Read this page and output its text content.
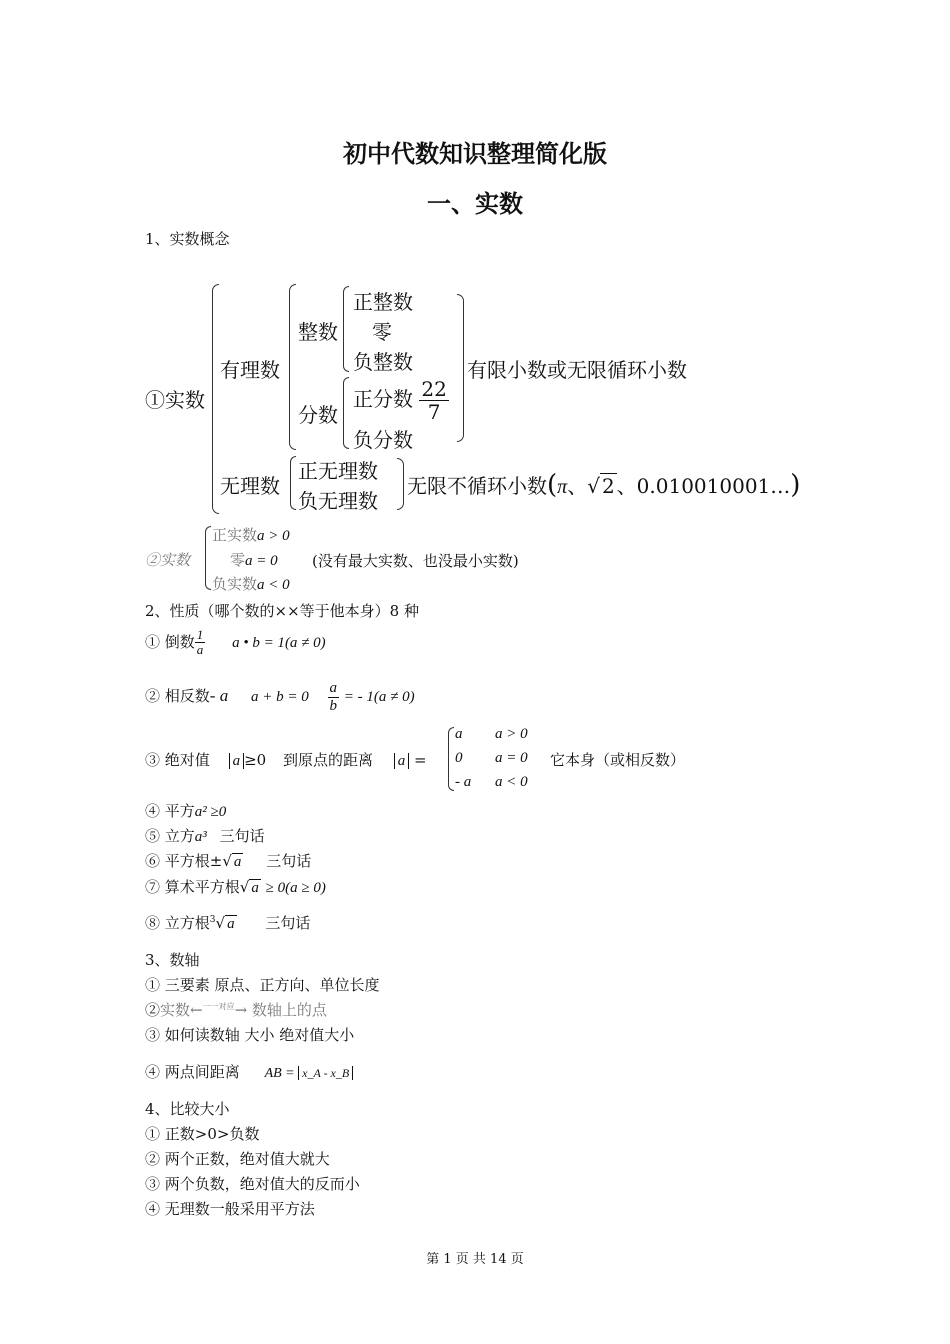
初中代数知识整理简化版
一、实数
1、实数概念
①实数
有理数
整数
正整数
零
负整数
分数
正分数 $\frac{22}{7}$
负分数
有限小数或无限循环小数
无理数
正无理数
负无理数
无限不循环小数(π、√ 2 、0.010010001…)
②实数
正实数a > 0
零a = 0
负实数a < 0
(没有最大实数、也没最小实数)
2、性质（哪个数的××等于他本身）8 种
① 倒数 $\frac{1}{a}$ a • b = 1(a ≠ 0)
② 相反数- a $a + b = 0 \frac{a}{b}$ = - 1(a ≠ 0)
③ 绝对值 a ≥0 到原点的距离 a =
a a > 0
0 a = 0
- a a < 0
它本身（或相反数）
④ 平方a² ≥0
⑤ 立方a³ 三句话
⑥ 平方根±√ a 三句话
⑦ 算术平方根√ a ≥ 0(a ≥ 0)
⑧ 立方根$^3$√ a 三句话
3、数轴
① 三要素 原点、正方向、单位长度
②实数←$^{一一对应}$→ 数轴上的点
③ 如何读数轴 大小 绝对值大小
④ 两点间距离 AB = x_A - x_B
4、比较大小
① 正数>0>负数
② 两个正数，绝对值大就大
③ 两个负数，绝对值大的反而小
④ 无理数一般采用平方法
第 1 页 共 14 页
